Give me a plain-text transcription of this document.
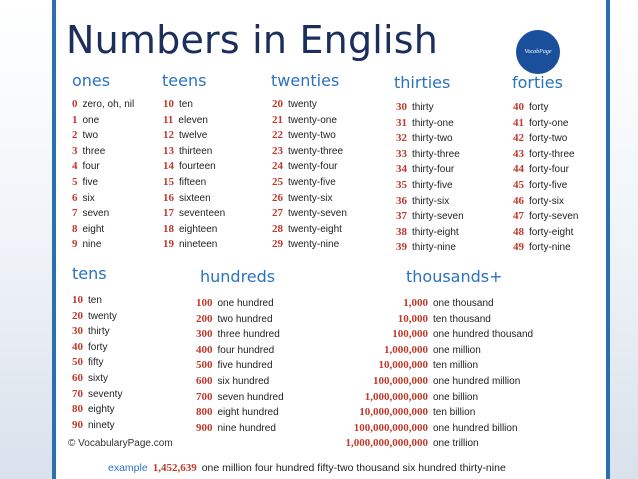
Numbers in English	VocabPage
ones	teens	twenties	thirties	forties
tens	hundreds	thousands+
0 zero, oh, nil
1 one
2 two
3 three
4 four
5 five
6 six
7 seven
8 eight
9 nine
10 ten
11 eleven
12 twelve
13 thirteen
14 fourteen
15 fifteen
16 sixteen
17 seventeen
18 eighteen
19 nineteen
20 twenty
21 twenty-one
22 twenty-two
23 twenty-three
24 twenty-four
25 twenty-five
26 twenty-six
27 twenty-seven
28 twenty-eight
29 twenty-nine
30 thirty
31 thirty-one
32 thirty-two
33 thirty-three
34 thirty-four
35 thirty-five
36 thirty-six
37 thirty-seven
38 thirty-eight
39 thirty-nine
40 forty
41 forty-one
42 forty-two
43 forty-three
44 forty-four
45 forty-five
46 forty-six
47 forty-seven
48 forty-eight
49 forty-nine
10 ten
20 twenty
30 thirty
40 forty
50 fifty
60 sixty
70 seventy
80 eighty
90 ninety
100 one hundred
200 two hundred
300 three hundred
400 four hundred
500 five hundred
600 six hundred
700 seven hundred
800 eight hundred
900 nine hundred
1,000 one thousand
10,000 ten thousand
100,000 one hundred thousand
1,000,000 one million
10,000,000 ten million
100,000,000 one hundred million
1,000,000,000 one billion
10,000,000,000 ten billion
100,000,000,000 one hundred billion
1,000,000,000,000 one trillion
© VocabularyPage.com
example 1,452,639 one million four hundred fifty-two thousand six hundred thirty-nine
